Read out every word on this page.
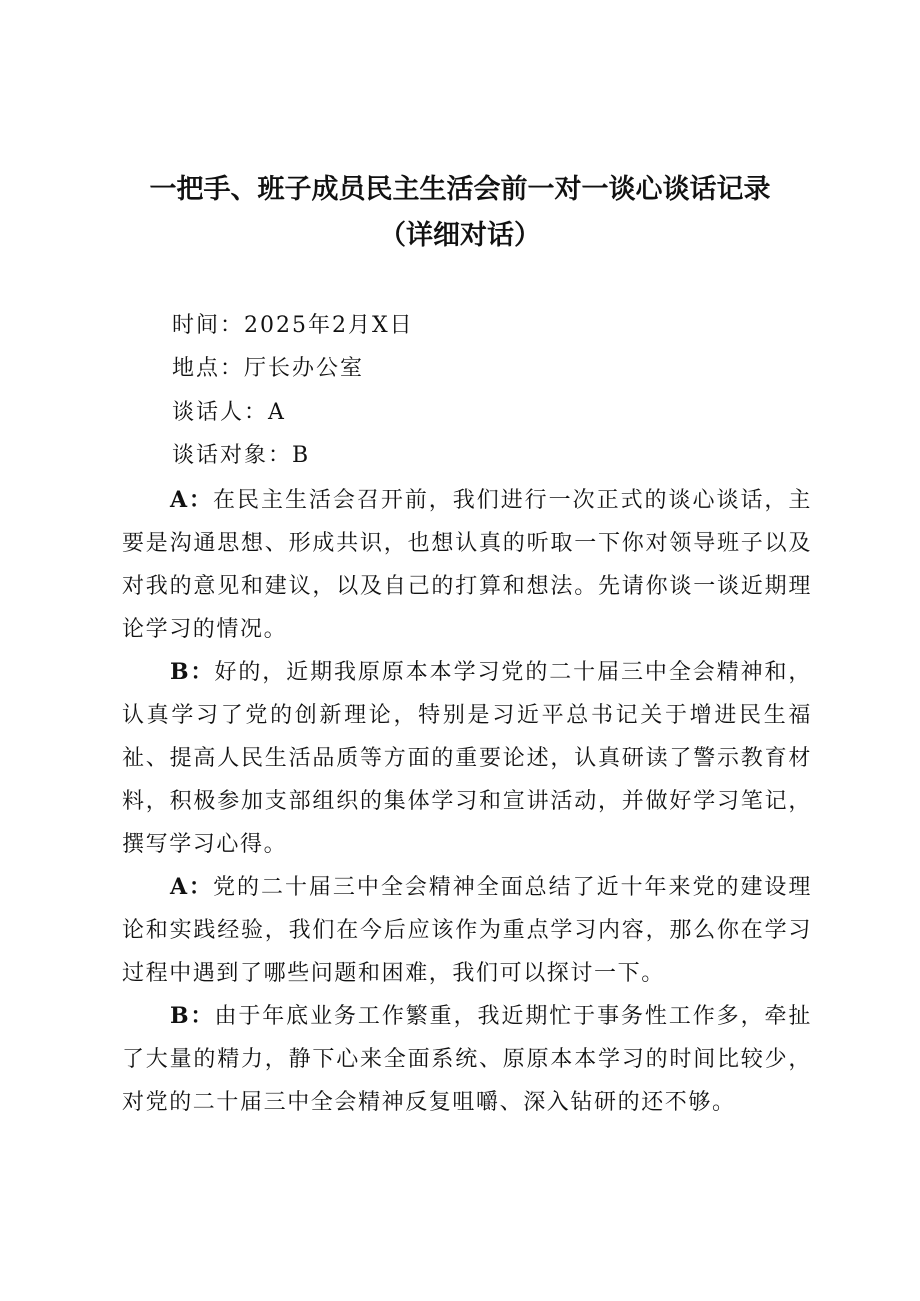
一把手、班子成员民主生活会前一对一谈心谈话记录
（详细对话）
时间：2025年2月X日
地点：厅长办公室
谈话人：A
谈话对象：B

A：在民主生活会召开前，我们进行一次正式的谈心谈话，主要是沟通思想、形成共识，也想认真的听取一下你对领导班子以及对我的意见和建议，以及自己的打算和想法。先请你谈一谈近期理论学习的情况。

B：好的，近期我原原本本学习党的二十届三中全会精神和，认真学习了党的创新理论，特别是习近平总书记关于增进民生福祉、提高人民生活品质等方面的重要论述，认真研读了警示教育材料，积极参加支部组织的集体学习和宣讲活动，并做好学习笔记，撰写学习心得。

A：党的二十届三中全会精神全面总结了近十年来党的建设理论和实践经验，我们在今后应该作为重点学习内容，那么你在学习过程中遇到了哪些问题和困难，我们可以探讨一下。

B：由于年底业务工作繁重，我近期忙于事务性工作多，牵扯了大量的精力，静下心来全面系统、原原本本学习的时间比较少，对党的二十届三中全会精神反复咀嚼、深入钻研的还不够。
